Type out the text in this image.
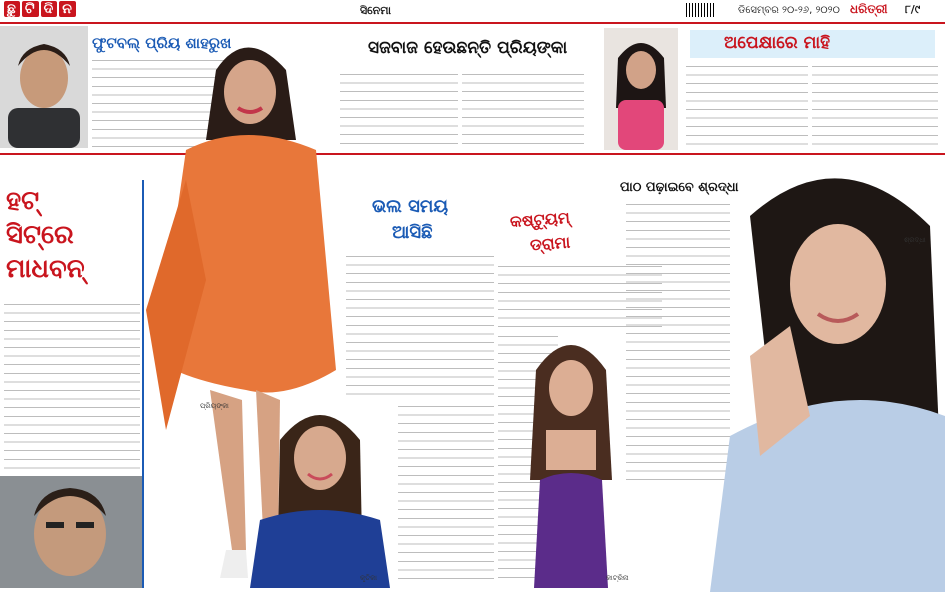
ଛୁ ଟି ଦି ନ	ସିନେମା	ଡିସେମ୍ବର ୨୦-୨୬, ୨୦୨୦ ଧରିତ୍ରୀ ୮/୯
ଫୁଟବଲ୍ ପ୍ରିୟ ଶାହରୁଖ	ସଜବାଜ ହେଉଛନ୍ତି ପ୍ରିୟଙ୍କା	ଅପେକ୍ଷାରେ ମାହି
ହଟ୍
ସିଟ୍‌ରେ
ମାଧବନ୍
ପ୍ରିୟଙ୍କା
ଭଲ ସମୟ
ଆସିଛି
କୃତିକା
କଷ୍ଟ୍ୟୁମ୍
ଡ୍ରାମା
କାଟ୍ରିନା
ପାଠ ପଢ଼ାଇବେ ଶ୍ରଦ୍ଧା
ଶ୍ରଦ୍ଧା
